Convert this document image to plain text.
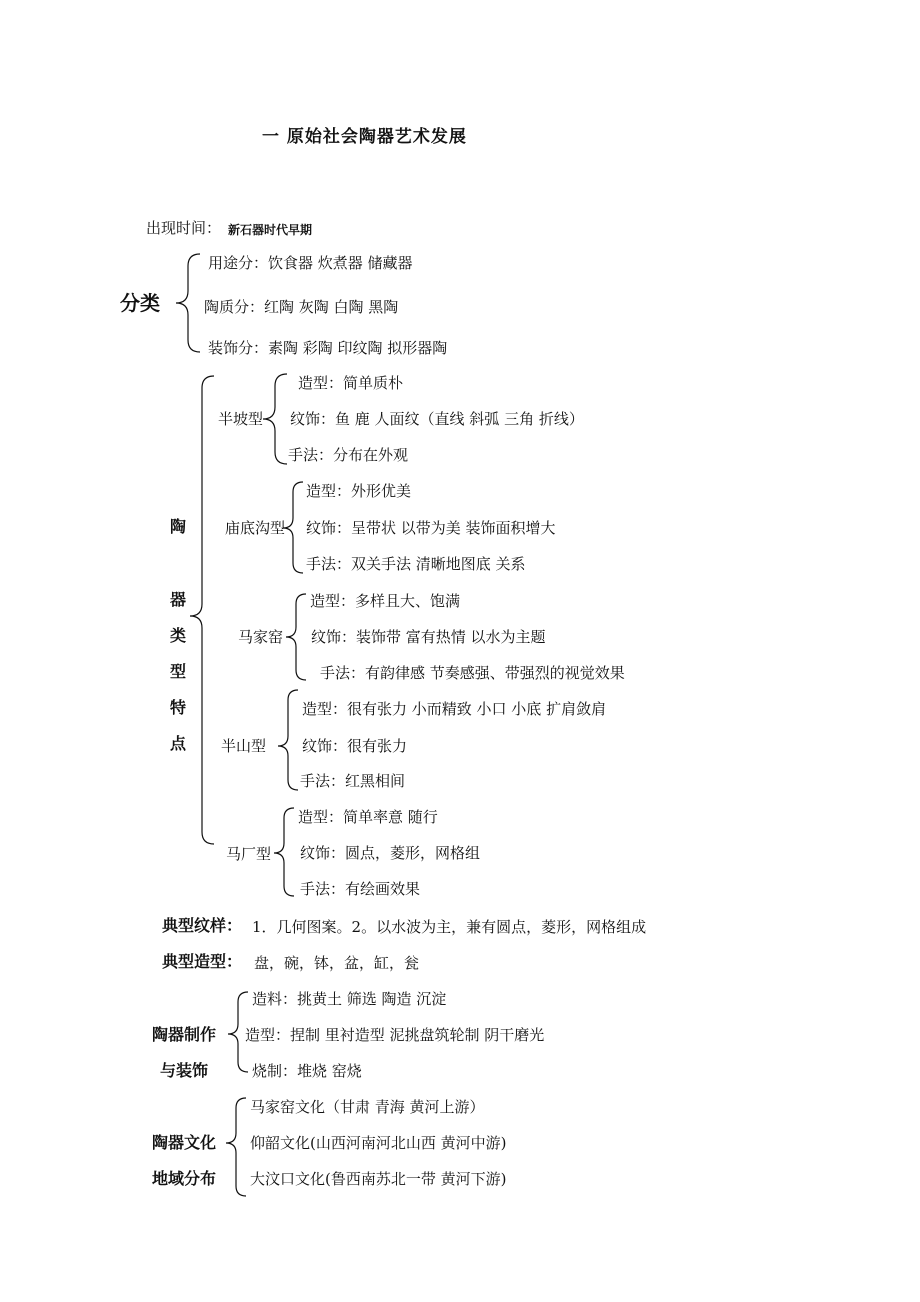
一 原始社会陶器艺术发展
出现时间： 新石器时代早期
分类
用途分：饮食器 炊煮器 储藏器
陶质分：红陶 灰陶 白陶 黑陶
装饰分：素陶 彩陶 印纹陶 拟形器陶
陶
器
类
型
特
点
半坡型
造型：简单质朴
纹饰：鱼 鹿 人面纹（直线 斜弧 三角 折线）
手法：分布在外观
庙底沟型
造型：外形优美
纹饰：呈带状 以带为美 装饰面积增大
手法：双关手法 清晰地图底 关系
马家窑
造型：多样且大、饱满
纹饰：装饰带 富有热情 以水为主题
手法：有韵律感 节奏感强、带强烈的视觉效果
半山型
造型：很有张力 小而精致 小口 小底 扩肩敛肩
纹饰：很有张力
手法：红黑相间
马厂型
造型：简单率意 随行
纹饰：圆点，菱形，网格组
手法：有绘画效果
典型纹样： 1．几何图案。2。以水波为主，兼有圆点，菱形，网格组成
典型造型： 盘，碗，钵，盆，缸，瓮
陶器制作
与装饰
造料：挑黄土 筛选 陶造 沉淀
造型：捏制 里衬造型 泥挑盘筑轮制 阴干磨光
烧制：堆烧 窑烧
陶器文化
地域分布
马家窑文化（甘肃 青海 黄河上游）
仰韶文化(山西河南河北山西 黄河中游)
大汶口文化(鲁西南苏北一带 黄河下游)
